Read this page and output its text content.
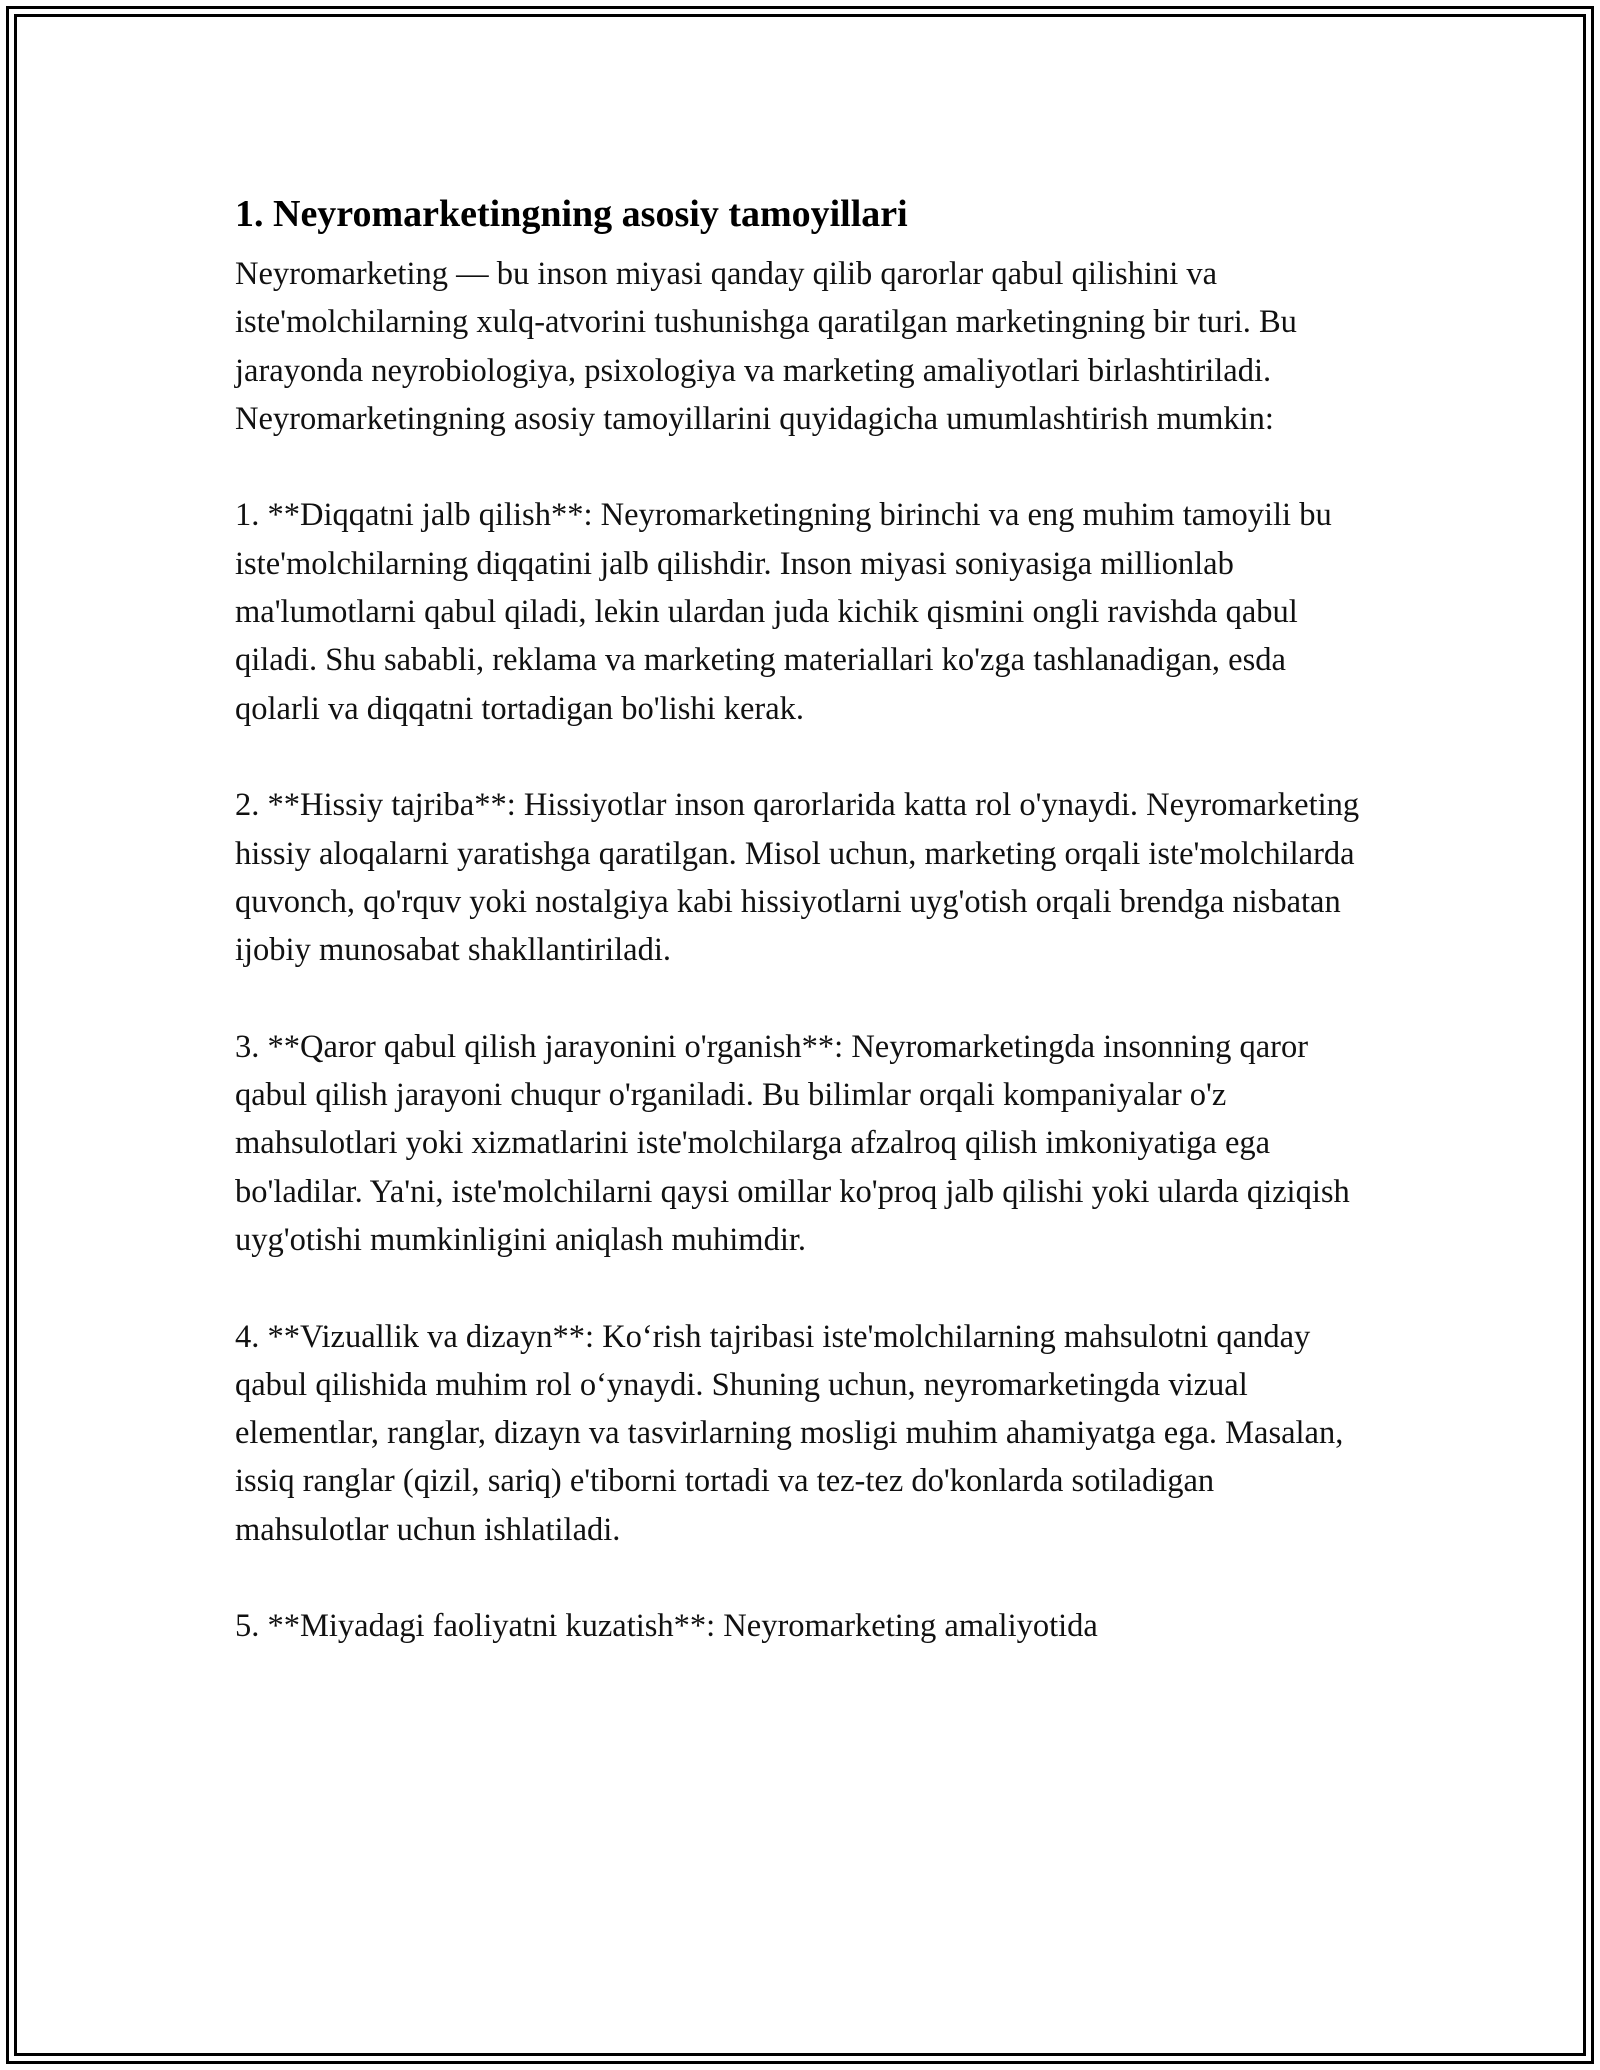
1. Neyromarketingning asosiy tamoyillari

Neyromarketing — bu inson miyasi qanday qilib qarorlar qabul qilishini va iste'molchilarning xulq-atvorini tushunishga qaratilgan marketingning bir turi. Bu jarayonda neyrobiologiya, psixologiya va marketing amaliyotlari birlashtiriladi. Neyromarketingning asosiy tamoyillarini quyidagicha umumlashtirish mumkin:

1. **Diqqatni jalb qilish**: Neyromarketingning birinchi va eng muhim tamoyili bu iste'molchilarning diqqatini jalb qilishdir. Inson miyasi soniyasiga millionlab ma'lumotlarni qabul qiladi, lekin ulardan juda kichik qismini ongli ravishda qabul qiladi. Shu sababli, reklama va marketing materiallari ko'zga tashlanadigan, esda qolarli va diqqatni tortadigan bo'lishi kerak.

2. **Hissiy tajriba**: Hissiyotlar inson qarorlarida katta rol o'ynaydi. Neyromarketing hissiy aloqalarni yaratishga qaratilgan. Misol uchun, marketing orqali iste'molchilarda quvonch, qo'rquv yoki nostalgiya kabi hissiyotlarni uyg'otish orqali brendga nisbatan ijobiy munosabat shakllantiriladi.

3. **Qaror qabul qilish jarayonini o'rganish**: Neyromarketingda insonning qaror qabul qilish jarayoni chuqur o'rganiladi. Bu bilimlar orqali kompaniyalar o'z mahsulotlari yoki xizmatlarini iste'molchilarga afzalroq qilish imkoniyatiga ega bo'ladilar. Ya'ni, iste'molchilarni qaysi omillar ko'proq jalb qilishi yoki ularda qiziqish uyg'otishi mumkinligini aniqlash muhimdir.

4. **Vizuallik va dizayn**: Ko‘rish tajribasi iste'molchilarning mahsulotni qanday qabul qilishida muhim rol o‘ynaydi. Shuning uchun, neyromarketingda vizual elementlar, ranglar, dizayn va tasvirlarning mosligi muhim ahamiyatga ega. Masalan, issiq ranglar (qizil, sariq) e'tiborni tortadi va tez-tez do'konlarda sotiladigan mahsulotlar uchun ishlatiladi.

5. **Miyadagi faoliyatni kuzatish**: Neyromarketing amaliyotida
